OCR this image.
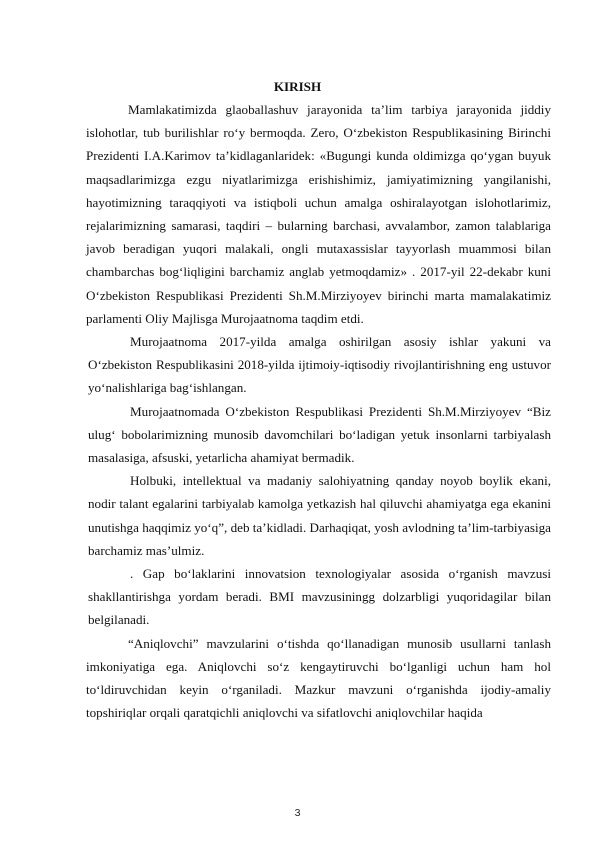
KIRISH

Mamlakatimizda glaoballashuv jarayonida ta’lim tarbiya jarayonida jiddiy islohotlar, tub burilishlar ro‘y bermoqda. Zero, O‘zbekiston Respublikasining Birinchi Prezidenti I.A.Karimov ta’kidlaganlaridek: «Bugungi kunda oldimizga qo‘ygan buyuk maqsadlarimizga ezgu niyatlarimizga erishishimiz, jamiyatimizning yangilanishi, hayotimizning taraqqiyoti va istiqboli uchun amalga oshiralayotgan islohotlarimiz, rejalarimizning samarasi, taqdiri – bularning barchasi, avvalambor, zamon talablariga javob beradigan yuqori malakali, ongli mutaxassislar tayyorlash muammosi bilan chambarchas bog‘liqligini barchamiz anglab yetmoqdamiz» . 2017-yil 22-dekabr kuni O‘zbekiston Respublikasi Prezidenti Sh.M.Mirziyoyev birinchi marta mamalakatimiz parlamenti Oliy Majlisga Murojaatnoma taqdim etdi.

Murojaatnoma 2017-yilda amalga oshirilgan asosiy ishlar yakuni va O‘zbekiston Respublikasini 2018-yilda ijtimoiy-iqtisodiy rivojlantirishning eng ustuvor yo‘nalishlariga bag‘ishlangan.

Murojaatnomada O‘zbekiston Respublikasi Prezidenti Sh.M.Mirziyoyev “Biz ulug‘ bobolarimizning munosib davomchilari bo‘ladigan yetuk insonlarni tarbiyalash masalasiga, afsuski, yetarlicha ahamiyat bermadik.

Holbuki, intellektual va madaniy salohiyatning qanday noyob boylik ekani, nodir talant egalarini tarbiyalab kamolga yetkazish hal qiluvchi ahamiyatga ega ekanini unutishga haqqimiz yo‘q”, deb ta’kidladi. Darhaqiqat, yosh avlodning ta’lim-tarbiyasiga barchamiz mas’ulmiz.

. Gap bo‘laklarini innovatsion texnologiyalar asosida o‘rganish mavzusi shakllantirishga yordam beradi. BMI mavzusiningg dolzarbligi yuqoridagilar bilan belgilanadi.

“Aniqlovchi” mavzularini o‘tishda qo‘llanadigan munosib usullarni tanlash imkoniyatiga ega. Aniqlovchi so‘z kengaytiruvchi bo‘lganligi uchun ham hol to‘ldiruvchidan keyin o‘rganiladi. Mazkur mavzuni o‘rganishda ijodiy-amaliy topshiriqlar orqali qaratqichli aniqlovchi va sifatlovchi aniqlovchilar haqida

3
